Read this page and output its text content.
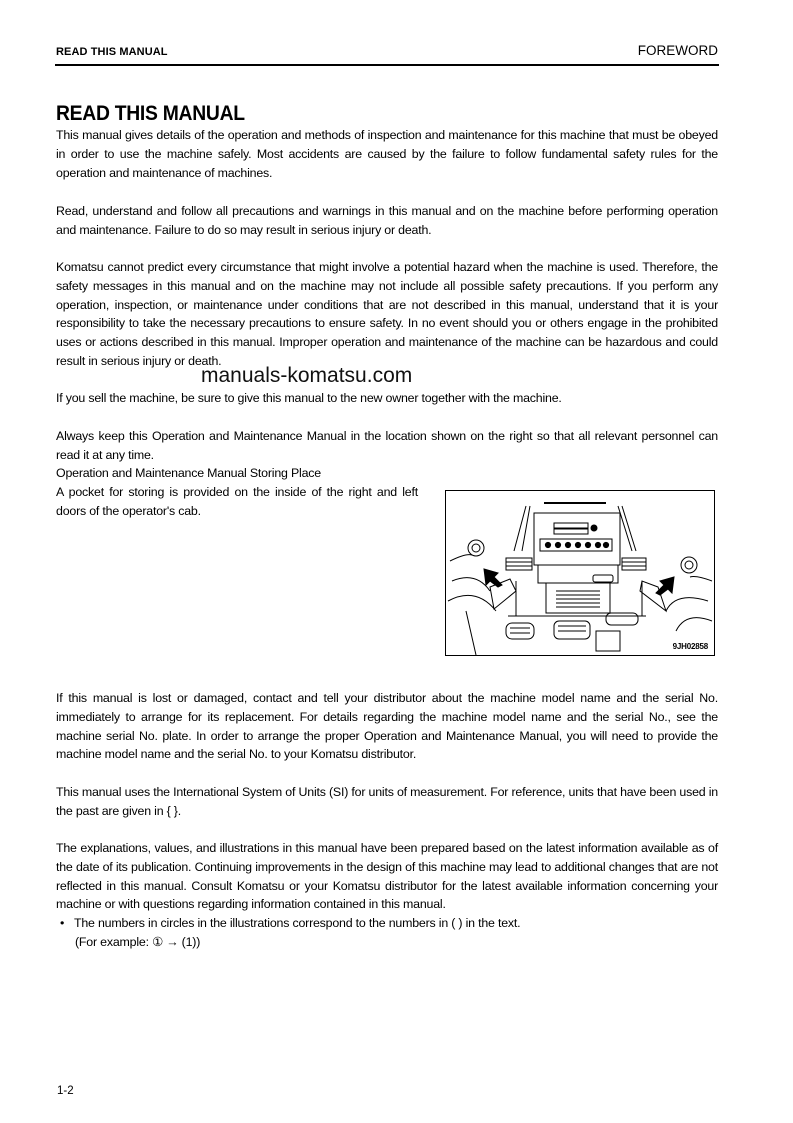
READ THIS MANUAL	FOREWORD
READ THIS MANUAL
This manual gives details of the operation and methods of inspection and maintenance for this machine that must be obeyed in order to use the machine safely. Most accidents are caused by the failure to follow fundamental safety rules for the operation and maintenance of machines.
Read, understand and follow all precautions and warnings in this manual and on the machine before performing operation and maintenance. Failure to do so may result in serious injury or death.
Komatsu cannot predict every circumstance that might involve a potential hazard when the machine is used. Therefore, the safety messages in this manual and on the machine may not include all possible safety precautions. If you perform any operation, inspection, or maintenance under conditions that are not described in this manual, understand that it is your responsibility to take the necessary precautions to ensure safety. In no event should you or others engage in the prohibited uses or actions described in this manual. Improper operation and maintenance of the machine can be hazardous and could result in serious injury or death.
manuals-komatsu.com
If you sell the machine, be sure to give this manual to the new owner together with the machine.
Always keep this Operation and Maintenance Manual in the location shown on the right so that all relevant personnel can read it at any time.
Operation and Maintenance Manual Storing Place
A pocket for storing is provided on the inside of the right and left doors of the operator's cab.
9JH02858
If this manual is lost or damaged, contact and tell your distributor about the machine model name and the serial No. immediately to arrange for its replacement. For details regarding the machine model name and the serial No., see the machine serial No. plate. In order to arrange the proper Operation and Maintenance Manual, you will need to provide the machine model name and the serial No. to your Komatsu distributor.
This manual uses the International System of Units (SI) for units of measurement. For reference, units that have been used in the past are given in { }.
The explanations, values, and illustrations in this manual have been prepared based on the latest information available as of the date of its publication. Continuing improvements in the design of this machine may lead to additional changes that are not reflected in this manual. Consult Komatsu or your Komatsu distributor for the latest available information concerning your machine or with questions regarding information contained in this manual.
• The numbers in circles in the illustrations correspond to the numbers in ( ) in the text.
(For example: ① → (1))
1-2
